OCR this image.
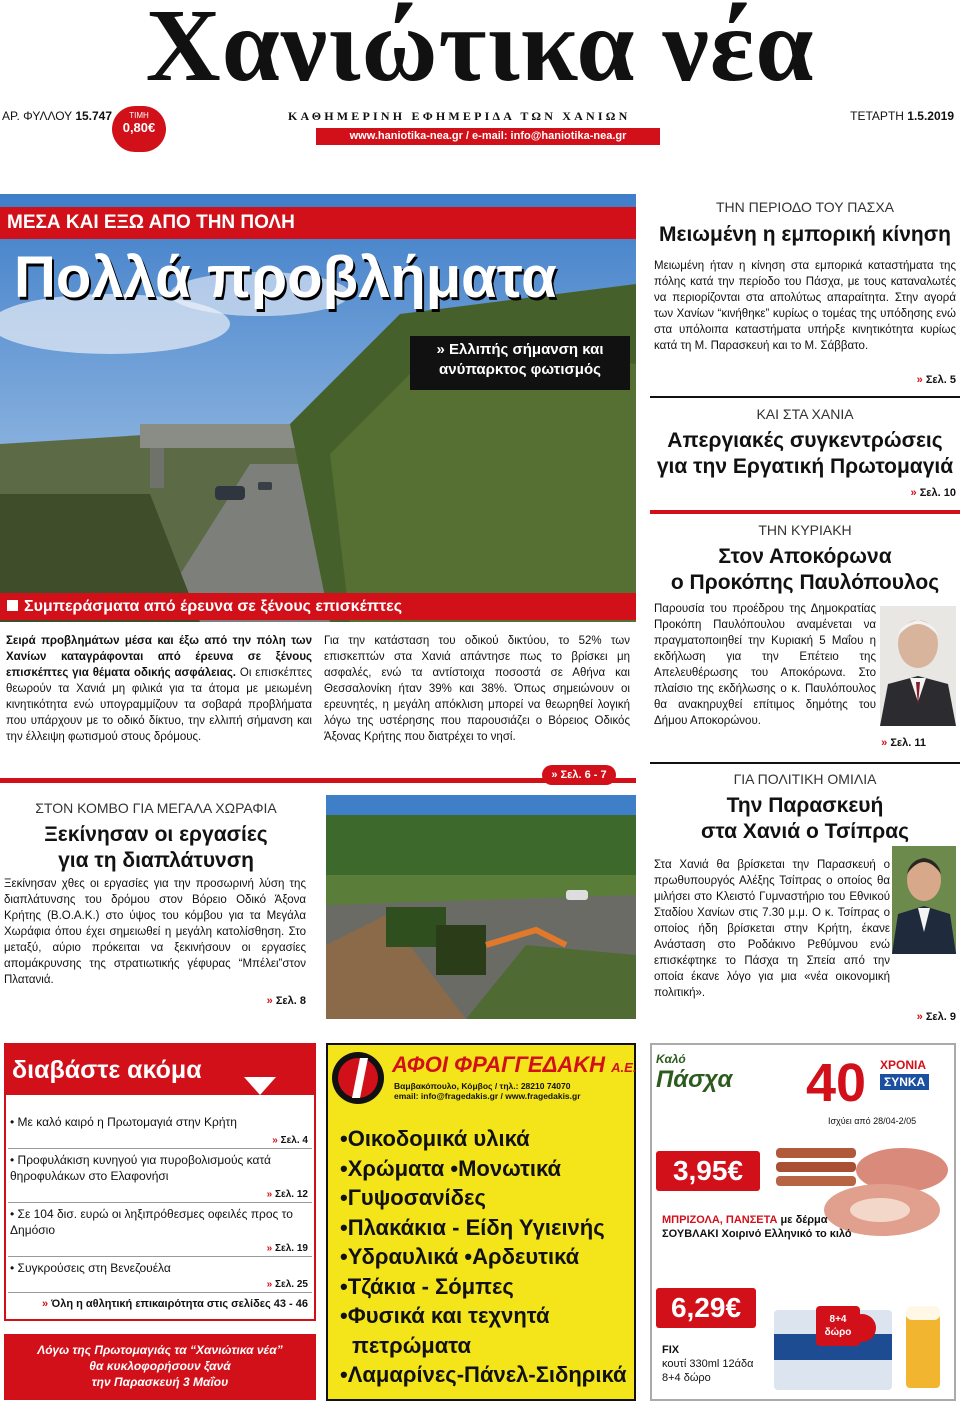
Χανιώτικα νέα
ΑΡ. ΦΥΛΛΟΥ 15.747	ΤΙΜΗ
0,80€
ΚΑΘΗΜΕΡΙΝΗ ΕΦΗΜΕΡΙΔΑ ΤΩΝ ΧΑΝΙΩΝ	ΤΕΤΑΡΤΗ 1.5.2019
www.haniotika-nea.gr / e-mail: info@haniotika-nea.gr
ΜΕΣΑ ΚΑΙ ΕΞΩ ΑΠΟ ΤΗΝ ΠΟΛΗ
Πολλά προβλήματα
» Ελλιπής σήμανση και
ανύπαρκτος φωτισμός
Συμπεράσματα από έρευνα σε ξένους επισκέπτες
Σειρά προβλημάτων μέσα και έξω από την πόλη των Χανίων καταγράφονται από έρευνα σε ξένους επισκέπτες για θέματα οδικής ασφάλειας. Οι επισκέπτες θεωρούν τα Χανιά μη φιλικά για τα άτομα με μειωμένη κινητικότητα ενώ υπογραμμίζουν τα σοβαρά προβλήματα που υπάρχουν με το οδικό δίκτυο, την ελλιπή σήμανση και την έλλειψη φωτισμού στους δρόμους.
Για την κατάσταση του οδικού δικτύου, το 52% των επισκεπτών στα Χανιά απάντησε πως το βρίσκει μη ασφαλές, ενώ τα αντίστοιχα ποσοστά σε Αθήνα και Θεσσαλονίκη ήταν 39% και 38%. Όπως σημειώνουν οι ερευνητές, η μεγάλη απόκλιση μπορεί να θεωρηθεί λογική λόγω της υστέρησης που παρουσιάζει ο Βόρειος Οδικός Άξονας Κρήτης που διατρέχει το νησί.
» Σελ. 6 - 7
ΣΤΟΝ ΚΟΜΒΟ ΓΙΑ ΜΕΓΑΛΑ ΧΩΡΑΦΙΑ
Ξεκίνησαν οι εργασίες
για τη διαπλάτυνση
Ξεκίνησαν χθες οι εργασίες για την προσωρινή λύση της διαπλάτυνσης του δρόμου στον Βόρειο Οδικό Άξονα Κρήτης (Β.Ο.Α.Κ.) στο ύψος του κόμβου για τα Μεγάλα Χωράφια όπου έχει σημειωθεί η μεγάλη κατολίσθηση. Στο μεταξύ, αύριο πρόκειται να ξεκινήσουν οι εργασίες απομάκρυνσης της στρατιωτικής γέφυρας “Μπέλει”στον Πλατανιά.
» Σελ. 8
ΤΗΝ ΠΕΡΙΟΔΟ ΤΟΥ ΠΑΣΧΑ
Μειωμένη η εμπορική κίνηση
Μειωμένη ήταν η κίνηση στα εμπορικά καταστήματα της πόλης κατά την περίοδο του Πάσχα, με τους καταναλωτές να περιορίζονται στα απολύτως απαραίτητα. Στην αγορά των Χανίων “κινήθηκε” κυρίως ο τομέας της υπόδησης ενώ στα υπόλοιπα καταστήματα υπήρξε κινητικότητα κυρίως κατά τη Μ. Παρασκευή και το Μ. Σάββατο.
» Σελ. 5
ΚΑΙ ΣΤΑ ΧΑΝΙΑ
Απεργιακές συγκεντρώσεις
για την Εργατική Πρωτομαγιά
» Σελ. 10
ΤΗΝ ΚΥΡΙΑΚΗ
Στον Αποκόρωνα
ο Προκόπης Παυλόπουλος
Παρουσία του προέδρου της Δημοκρατίας Προκόπη Παυλόπουλου αναμένεται να πραγματοποιηθεί την Κυριακή 5 Μαΐου η εκδήλωση για την Επέτειο της Απελευθέρωσης του Αποκόρωνα. Στο πλαίσιο της εκδήλωσης ο κ. Παυλόπουλος θα ανακηρυχθεί επίτιμος δημότης του Δήμου Αποκορώνου.
» Σελ. 11
ΓΙΑ ΠΟΛΙΤΙΚΗ ΟΜΙΛΙΑ
Την Παρασκευή
στα Χανιά ο Τσίπρας
Στα Χανιά θα βρίσκεται την Παρασκευή ο πρωθυπουργός Αλέξης Τσίπρας ο οποίος θα μιλήσει στο Κλειστό Γυμναστήριο του Εθνικού Σταδίου Χανίων στις 7.30 μ.μ. Ο κ. Τσίπρας ο οποίος ήδη βρίσκεται στην Κρήτη, έκανε Ανάσταση στο Ροδάκινο Ρεθύμνου ενώ επισκέφτηκε το Πάσχα τη Σπεία από την οποία έκανε λόγο για μια «νέα οικονομική πολιτική».
» Σελ. 9
διαβάστε ακόμα
• Με καλό καιρό η Πρωτομαγιά στην Κρήτη
» Σελ. 4
• Προφυλάκιση κυνηγού για πυροβολισμούς κατά θηροφυλάκων στο Ελαφονήσι
» Σελ. 12
• Σε 104 δισ. ευρώ οι ληξιπρόθεσμες οφειλές προς το Δημόσιο
» Σελ. 19
• Συγκρούσεις στη Βενεζουέλα
» Σελ. 25
» Όλη η αθλητική επικαιρότητα στις σελίδες 43 - 46
Λόγω της Πρωτομαγιάς τα “Χανιώτικα νέα”
θα κυκλοφορήσουν ξανά
την Παρασκευή 3 Μαΐου
ΑΦΟΙ ΦΡΑΓΓΕΔΑΚΗ Α.Ε.
Βαμβακόπουλο, Κόμβος / τηλ.: 28210 74070
email: info@fragedakis.gr / www.fragedakis.gr
•Οικοδομικά υλικά
•Χρώματα •Μονωτικά
•Γυψοσανίδες
•Πλακάκια - Είδη Υγιεινής
•Υδραυλικά •Αρδευτικά
•Τζάκια - Σόμπες
•Φυσικά και τεχνητά
πετρώματα
•Λαμαρίνες-Πάνελ-Σιδηρικά
Καλό
Πάσχα 40 ΧΡΟΝΙΑ
ΣΥΝΚΑ
Ισχύει από 28/04-2/05
3,95€
ΜΠΡΙΖΟΛΑ, ΠΑΝΣΕΤΑ με δέρμα
ΣΟΥΒΛΑΚΙ Χοιρινό Ελληνικό το κιλό
6,29€
FIX
κουτί 330ml 12άδα
8+4 δώρο
8+4 δώρο
